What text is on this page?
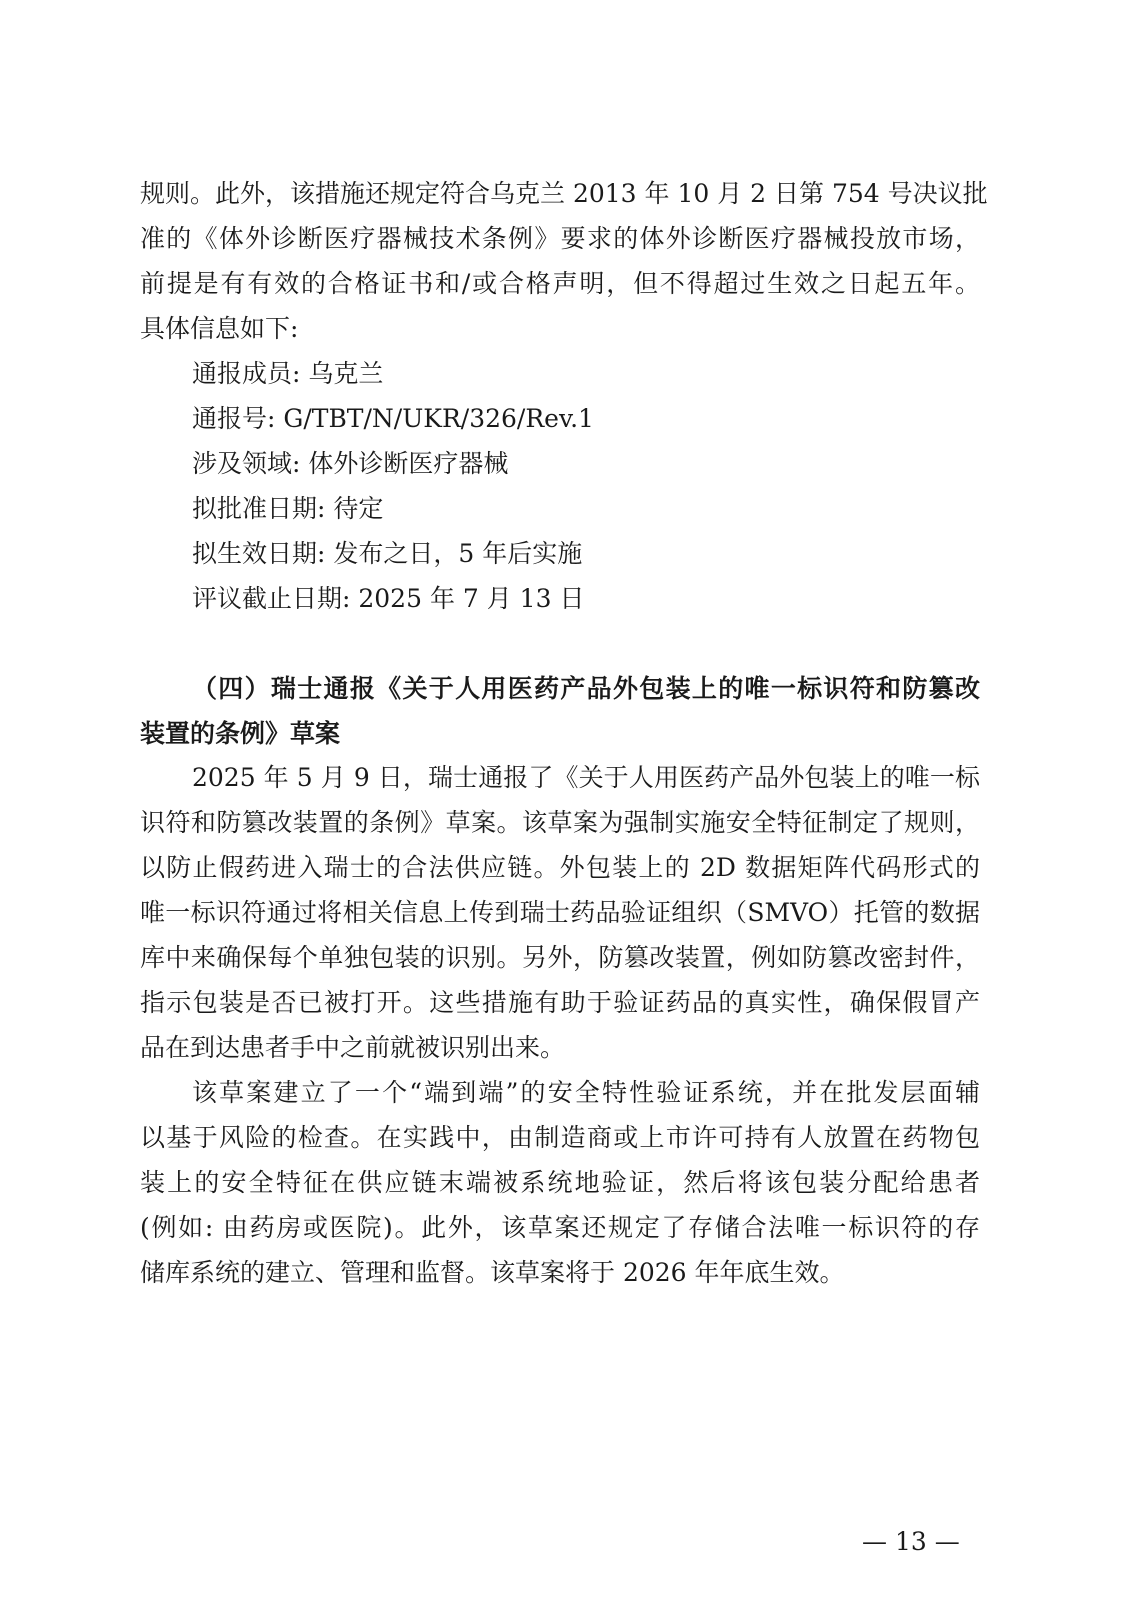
规则。此外，该措施还规定符合乌克兰 2013 年 10 月 2 日第 754 号决议批
准的《体外诊断医疗器械技术条例》要求的体外诊断医疗器械投放市场，
前提是有有效的合格证书和/或合格声明，但不得超过生效之日起五年。
具体信息如下:
通报成员: 乌克兰
通报号: G/TBT/N/UKR/326/Rev.1
涉及领域: 体外诊断医疗器械
拟批准日期: 待定
拟生效日期: 发布之日，5 年后实施
评议截止日期: 2025 年 7 月 13 日
（四）瑞士通报《关于人用医药产品外包装上的唯一标识符和防篡改
装置的条例》草案
2025 年 5 月 9 日，瑞士通报了《关于人用医药产品外包装上的唯一标
识符和防篡改装置的条例》草案。该草案为强制实施安全特征制定了规则，
以防止假药进入瑞士的合法供应链。外包装上的 2D 数据矩阵代码形式的
唯一标识符通过将相关信息上传到瑞士药品验证组织（SMVO）托管的数据
库中来确保每个单独包装的识别。另外，防篡改装置，例如防篡改密封件，
指示包装是否已被打开。这些措施有助于验证药品的真实性，确保假冒产
品在到达患者手中之前就被识别出来。
该草案建立了一个“端到端”的安全特性验证系统，并在批发层面辅
以基于风险的检查。在实践中，由制造商或上市许可持有人放置在药物包
装上的安全特征在供应链末端被系统地验证，然后将该包装分配给患者
(例如: 由药房或医院)。此外，该草案还规定了存储合法唯一标识符的存
储库系统的建立、管理和监督。该草案将于 2026 年年底生效。
— 13 —
